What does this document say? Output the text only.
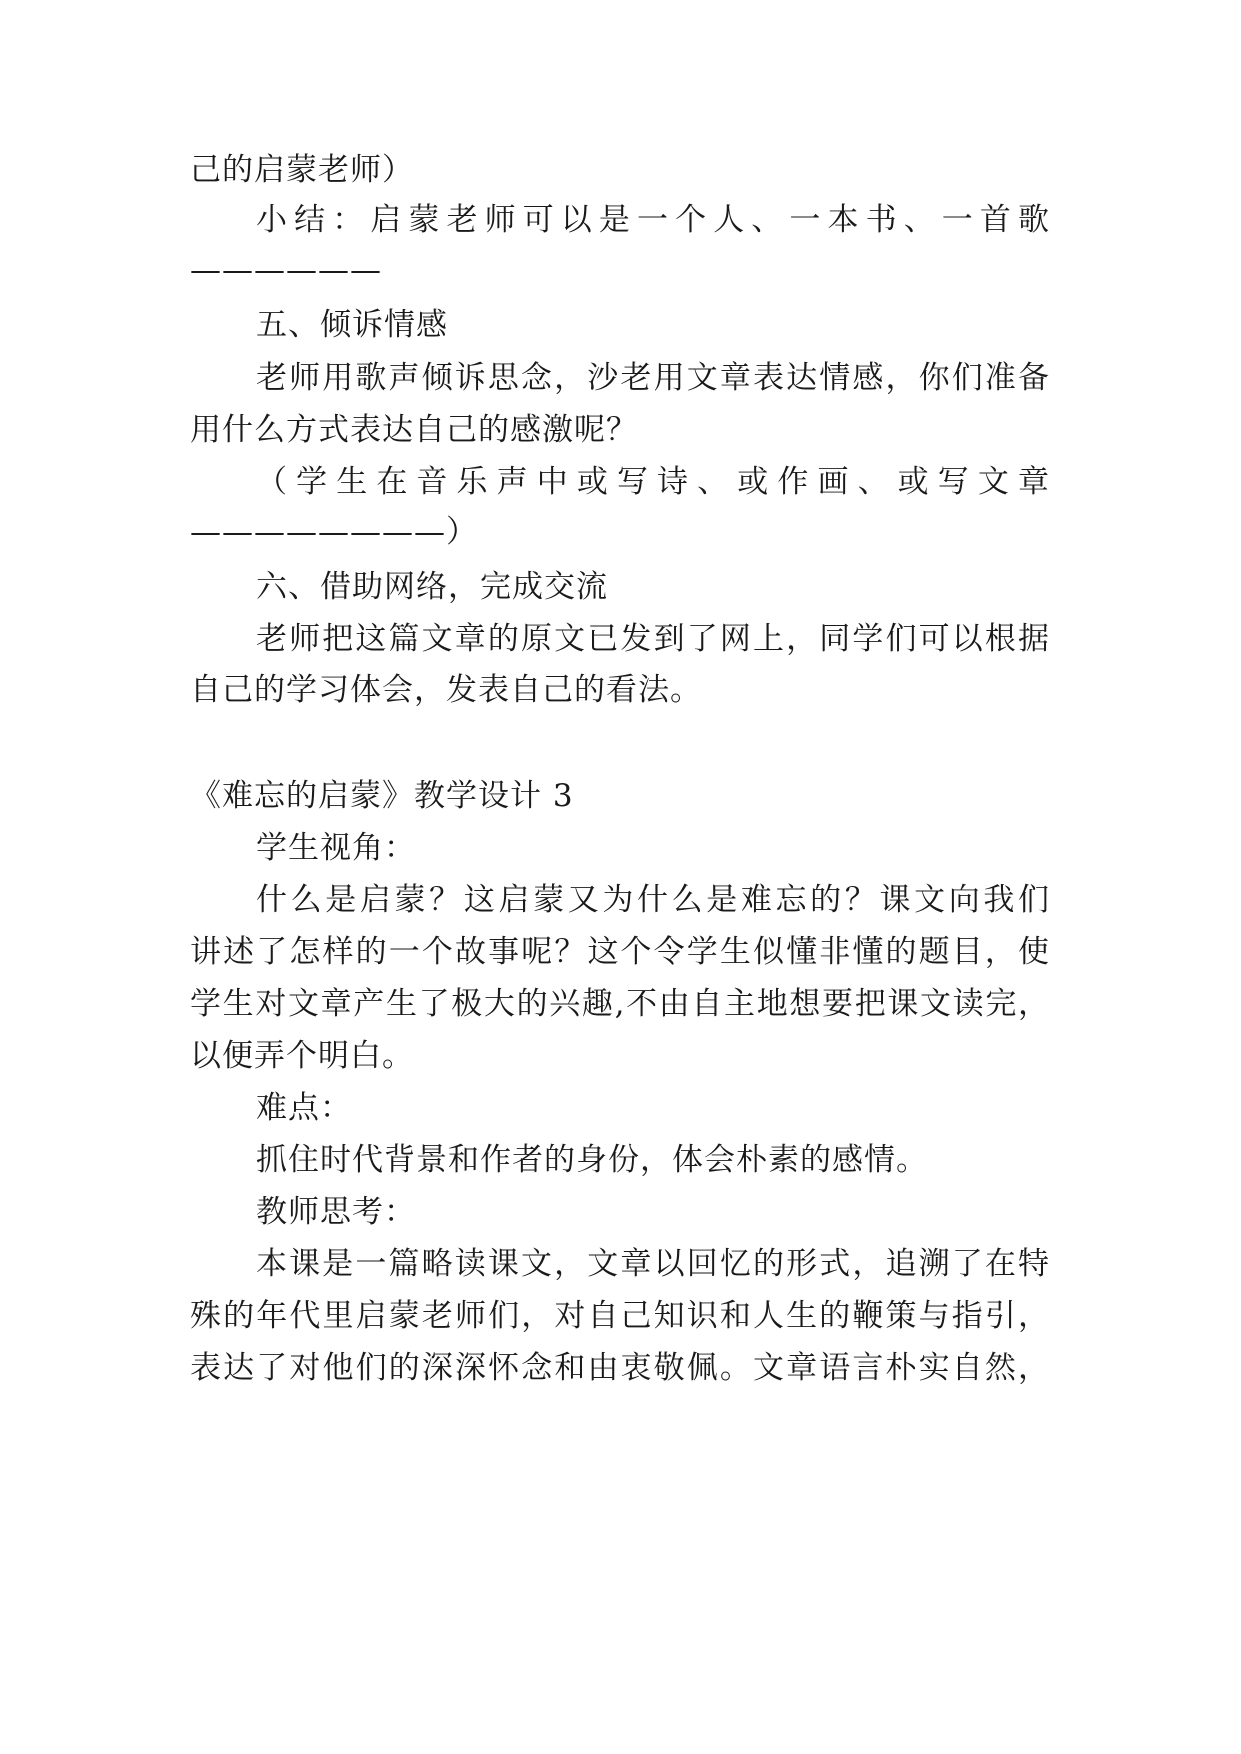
己的启蒙老师）
小结：启蒙老师可以是一个人、一本书、一首歌
——————
五、倾诉情感
老师用歌声倾诉思念，沙老用文章表达情感，你们准备
用什么方式表达自己的感激呢？
（学生在音乐声中或写诗、或作画、或写文章
————————）
六、借助网络，完成交流
老师把这篇文章的原文已发到了网上，同学们可以根据
自己的学习体会，发表自己的看法。
《难忘的启蒙》教学设计 3
学生视角：
什么是启蒙？这启蒙又为什么是难忘的？课文向我们
讲述了怎样的一个故事呢？这个令学生似懂非懂的题目，使
学生对文章产生了极大的兴趣,不由自主地想要把课文读完，
以便弄个明白。
难点：
抓住时代背景和作者的身份，体会朴素的感情。
教师思考：
本课是一篇略读课文，文章以回忆的形式，追溯了在特
殊的年代里启蒙老师们，对自己知识和人生的鞭策与指引，
表达了对他们的深深怀念和由衷敬佩。文章语言朴实自然，
